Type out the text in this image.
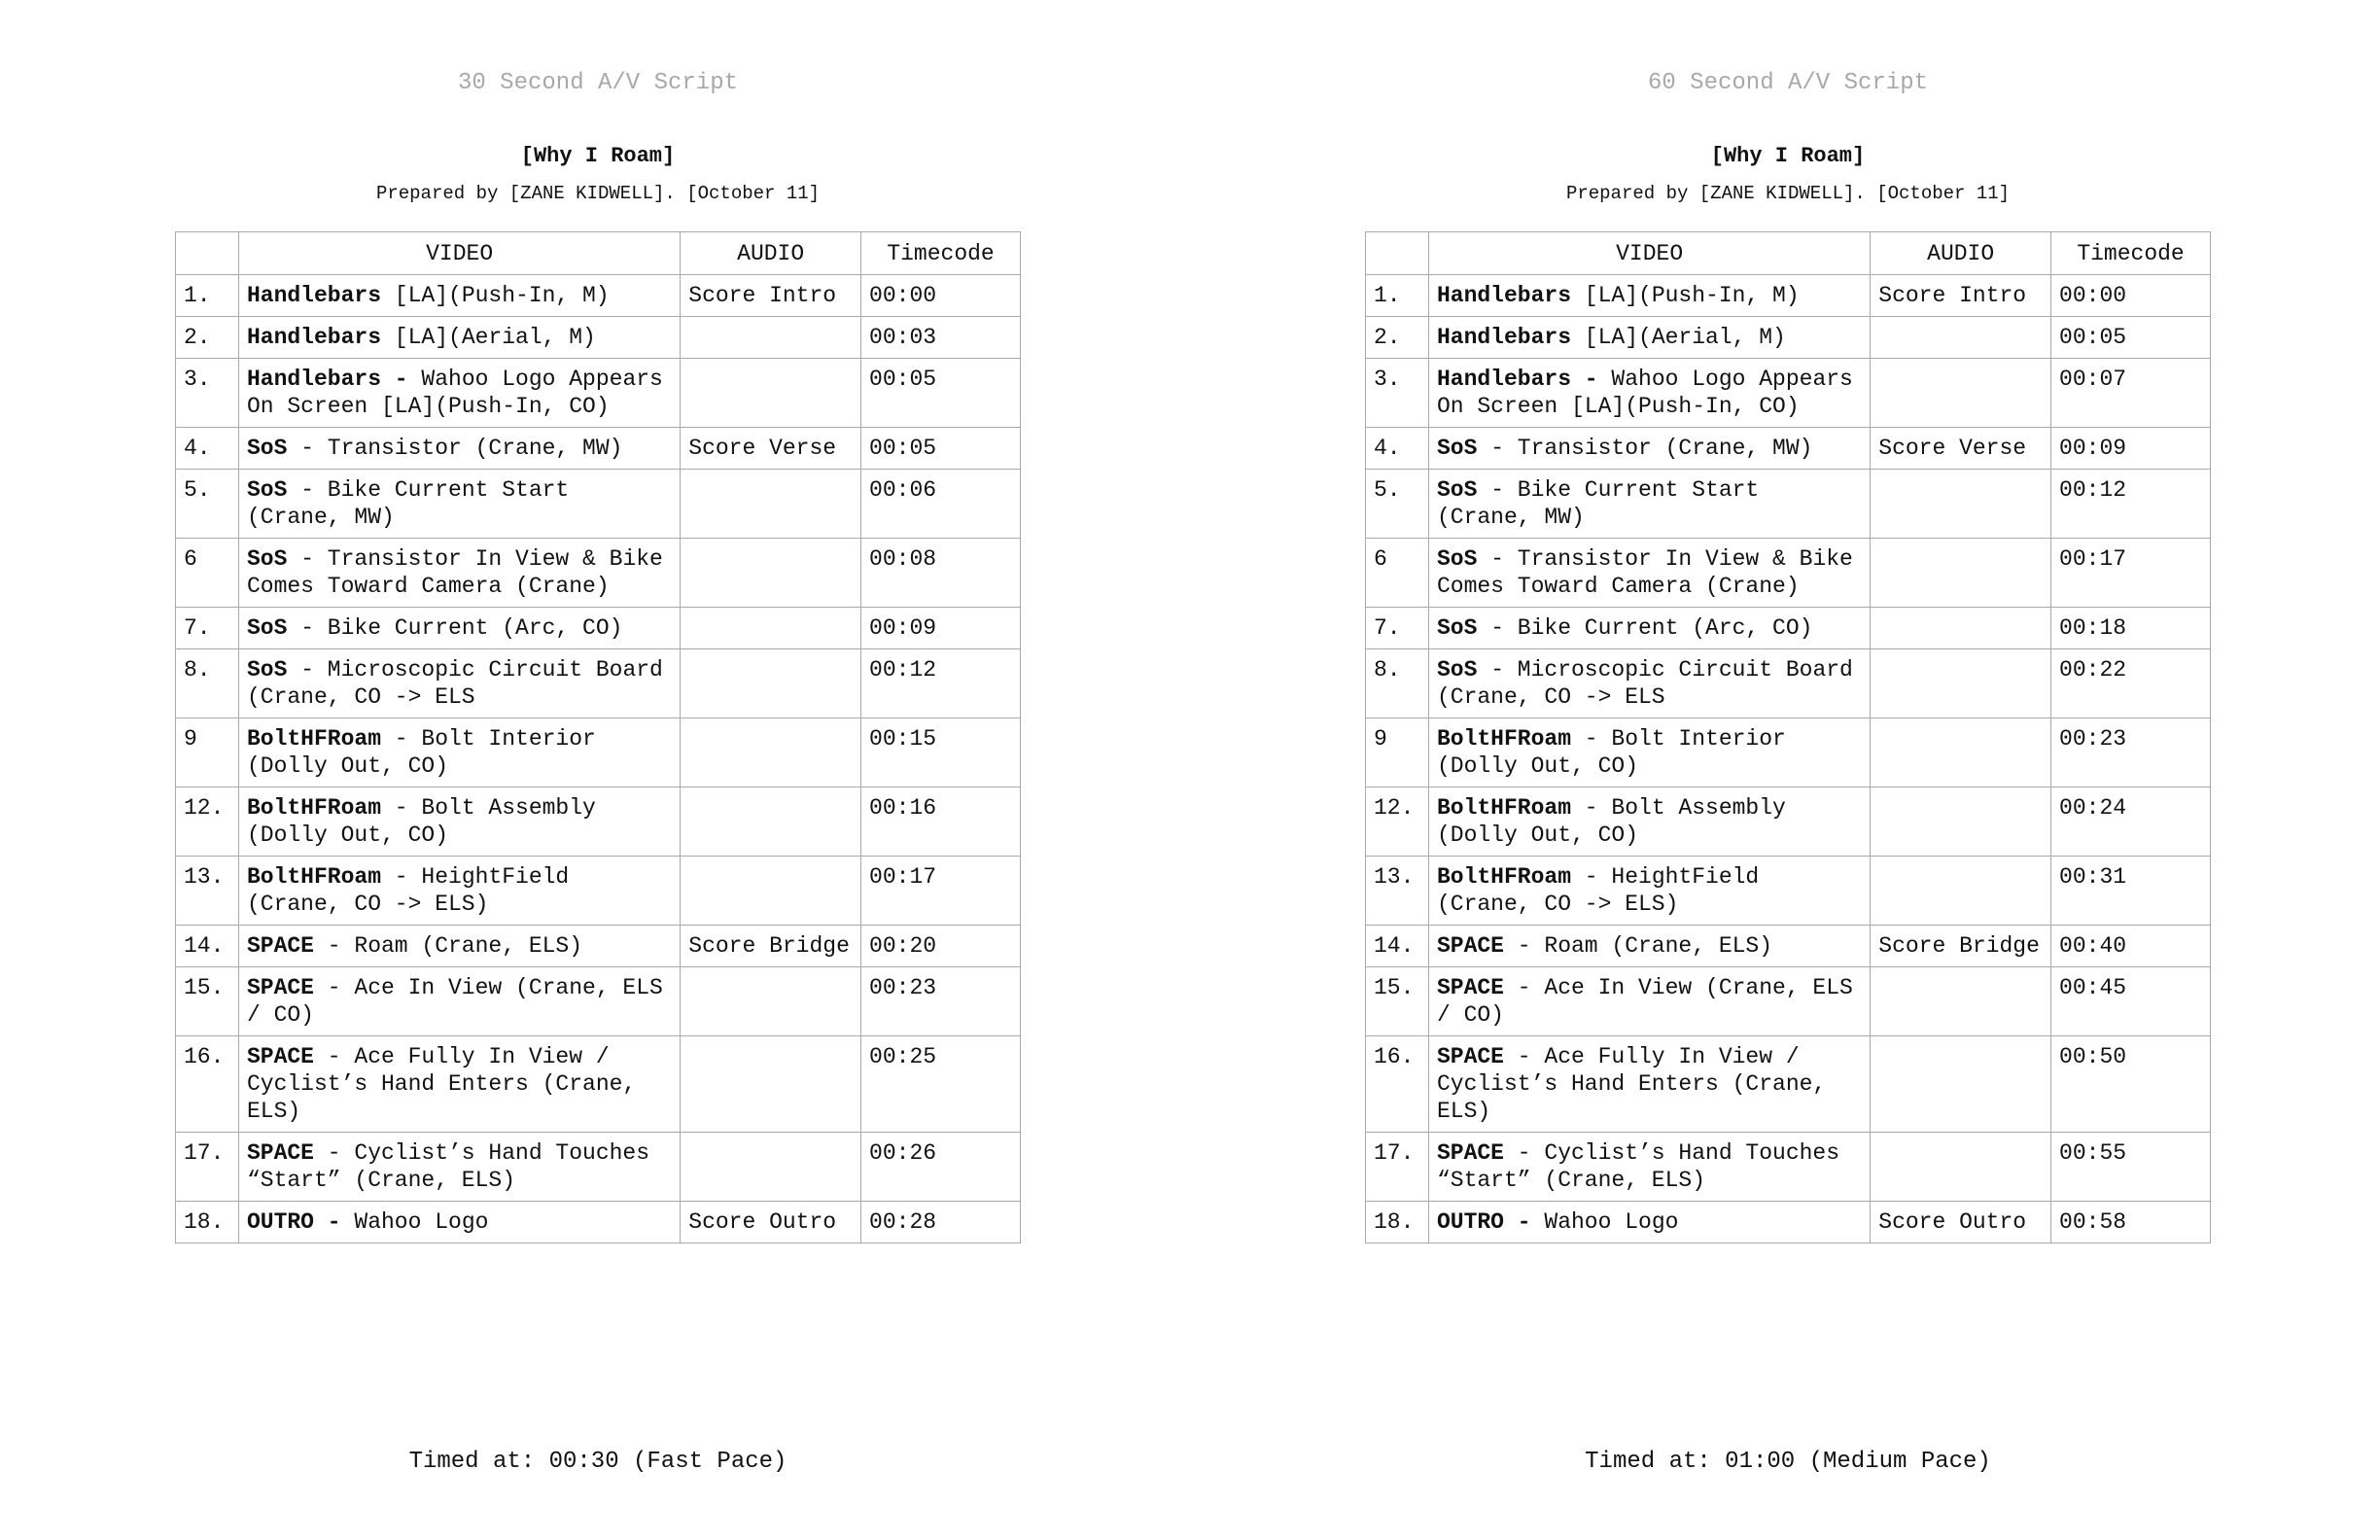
30 Second A/V Script
[Why I Roam]
Prepared by [ZANE KIDWELL]. [October 11]
	VIDEO	AUDIO	Timecode
1.	Handlebars [LA](Push-In, M)	Score Intro	00:00
2.	Handlebars [LA](Aerial, M)		00:03
3.	Handlebars - Wahoo Logo Appears On Screen [LA](Push-In, CO)		00:05
4.	SoS - Transistor (Crane, MW)	Score Verse	00:05
5.	SoS - Bike Current Start (Crane, MW)		00:06
6	SoS - Transistor In View & Bike Comes Toward Camera (Crane)		00:08
7.	SoS - Bike Current (Arc, CO)		00:09
8.	SoS - Microscopic Circuit Board (Crane, CO -> ELS		00:12
9	BoltHFRoam - Bolt Interior (Dolly Out, CO)		00:15
12.	BoltHFRoam - Bolt Assembly (Dolly Out, CO)		00:16
13.	BoltHFRoam - HeightField (Crane, CO -> ELS)		00:17
14.	SPACE - Roam (Crane, ELS)	Score Bridge	00:20
15.	SPACE - Ace In View (Crane, ELS / CO)		00:23
16.	SPACE - Ace Fully In View / Cyclist’s Hand Enters (Crane, ELS)		00:25
17.	SPACE - Cyclist’s Hand Touches “Start” (Crane, ELS)		00:26
18.	OUTRO - Wahoo Logo	Score Outro	00:28
Timed at: 00:30 (Fast Pace)
60 Second A/V Script
[Why I Roam]
Prepared by [ZANE KIDWELL]. [October 11]
	VIDEO	AUDIO	Timecode
1.	Handlebars [LA](Push-In, M)	Score Intro	00:00
2.	Handlebars [LA](Aerial, M)		00:05
3.	Handlebars - Wahoo Logo Appears On Screen [LA](Push-In, CO)		00:07
4.	SoS - Transistor (Crane, MW)	Score Verse	00:09
5.	SoS - Bike Current Start (Crane, MW)		00:12
6	SoS - Transistor In View & Bike Comes Toward Camera (Crane)		00:17
7.	SoS - Bike Current (Arc, CO)		00:18
8.	SoS - Microscopic Circuit Board (Crane, CO -> ELS		00:22
9	BoltHFRoam - Bolt Interior (Dolly Out, CO)		00:23
12.	BoltHFRoam - Bolt Assembly (Dolly Out, CO)		00:24
13.	BoltHFRoam - HeightField (Crane, CO -> ELS)		00:31
14.	SPACE - Roam (Crane, ELS)	Score Bridge	00:40
15.	SPACE - Ace In View (Crane, ELS / CO)		00:45
16.	SPACE - Ace Fully In View / Cyclist’s Hand Enters (Crane, ELS)		00:50
17.	SPACE - Cyclist’s Hand Touches “Start” (Crane, ELS)		00:55
18.	OUTRO - Wahoo Logo	Score Outro	00:58
Timed at: 01:00 (Medium Pace)
